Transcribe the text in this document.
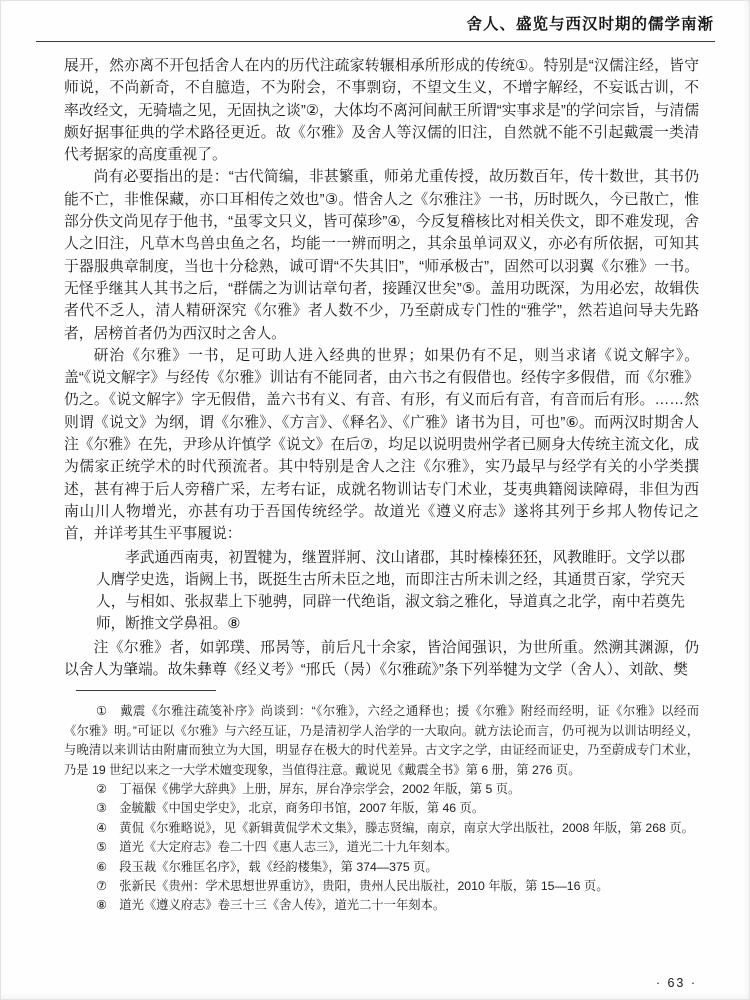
舍人、盛览与西汉时期的儒学南渐

展开，然亦离不开包括舍人在内的历代注疏家转辗相承所形成的传统①。特别是“汉儒注经，皆守师说，不尚新奇，不自臆造，不为附会，不事剽窃，不望文生义，不增字解经，不妄诋古训，不率改经文，无骑墙之见，无固执之谈”②，大体均不离河间献王所谓“实事求是”的学问宗旨，与清儒颇好据事征典的学术路径更近。故《尔雅》及舍人等汉儒的旧注，自然就不能不引起戴震一类清代考据家的高度重视了。

尚有必要指出的是：“古代简编，非甚繁重，师弟尤重传授，故历数百年，传十数世，其书仍能不亡，非惟保藏，亦口耳相传之效也”③。惜舍人之《尔雅注》一书，历时既久，今已散亡，惟部分佚文尚见存于他书，“虽零文只义，皆可葆珍”④，今反复稽核比对相关佚文，即不难发现，舍人之旧注，凡草木鸟兽虫鱼之名，均能一一辨而明之，其余虽单词双义，亦必有所依据，可知其于器服典章制度，当也十分稔熟，诚可谓“不失其旧”，“师承极古”，固然可以羽翼《尔雅》一书。无怪乎继其人其书之后，“群儒之为训诂章句者，接踵汉世矣”⑤。盖用功既深，为用必宏，故辑佚者代不乏人，清人精研深究《尔雅》者人数不少，乃至蔚成专门性的“雅学”，然若追问导夫先路者，居榜首者仍为西汉时之舍人。

研治《尔雅》一书，足可助人进入经典的世界；如果仍有不足，则当求诸《说文解字》。盖“《说文解字》与经传《尔雅》训诂有不能同者，由六书之有假借也。经传字多假借，而《尔雅》仍之。《说文解字》字无假借，盖六书有义、有音、有形，有义而后有音，有音而后有形。……然则谓《说文》为纲，谓《尔雅》、《方言》、《释名》、《广雅》诸书为目，可也”⑥。而两汉时期舍人注《尔雅》在先，尹珍从许慎学《说文》在后⑦，均足以说明贵州学者已厕身大传统主流文化，成为儒家正统学术的时代预流者。其中特别是舍人之注《尔雅》，实乃最早与经学有关的小学类撰述，甚有裨于后人旁稽广采，左考右证，成就名物训诂专门术业，芟夷典籍阅读障碍，非但为西南山川人物增光，亦甚有功于吾国传统经学。故道光《遵义府志》遂将其列于乡邦人物传记之首，并详考其生平事履说：

孝武通西南夷，初置犍为，继置牂牁、汶山诸郡，其时榛榛狉狉，风教睢盱。文学以郡人膺学史选，诣阙上书，既挺生古所未臣之地，而即注古所未训之经，其通贯百家，学究天人，与相如、张叔辈上下驰骋，同辟一代绝诣，淑文翁之雅化，导道真之北学，南中若奠先师，断推文学鼻祖。⑧

注《尔雅》者，如郭璞、邢昺等，前后凡十余家，皆洽闻强识，为世所重。然溯其渊源，仍以舍人为肇端。故朱彝尊《经义考》“邢氏（昺）《尔雅疏》”条下列举犍为文学（舍人）、刘歆、樊

①　戴震《尔雅注疏笺补序》尚谈到：“《尔雅》，六经之通释也；援《尔雅》附经而经明，证《尔雅》以经而《尔雅》明。”可证以《尔雅》与六经互证，乃是清初学人治学的一大取向。就方法论而言，仍可视为以训诂明经义，与晚清以来训诂由附庸而独立为大国，明显存在极大的时代差异。古文字之学，由证经而证史，乃至蔚成专门术业，乃是 19 世纪以来之一大学术嬗变现象，当值得注意。戴说见《戴震全书》第 6 册，第 276 页。

②　丁福保《佛学大辞典》上册，屏东，屏台净宗学会，2002 年版，第 5 页。

③　金毓黻《中国史学史》，北京，商务印书馆，2007 年版，第 46 页。

④　黄侃《尔雅略说》，见《新辑黄侃学术文集》，滕志贤编，南京，南京大学出版社，2008 年版，第 268 页。

⑤　道光《大定府志》卷二十四《惠人志三》，道光二十九年刻本。

⑥　段玉裁《尔雅匡名序》，载《经韵楼集》，第 374—375 页。

⑦　张新民《贵州：学术思想世界重访》，贵阳，贵州人民出版社，2010 年版，第 15—16 页。

⑧　道光《遵义府志》卷三十三《舍人传》，道光二十一年刻本。

· 63 ·
